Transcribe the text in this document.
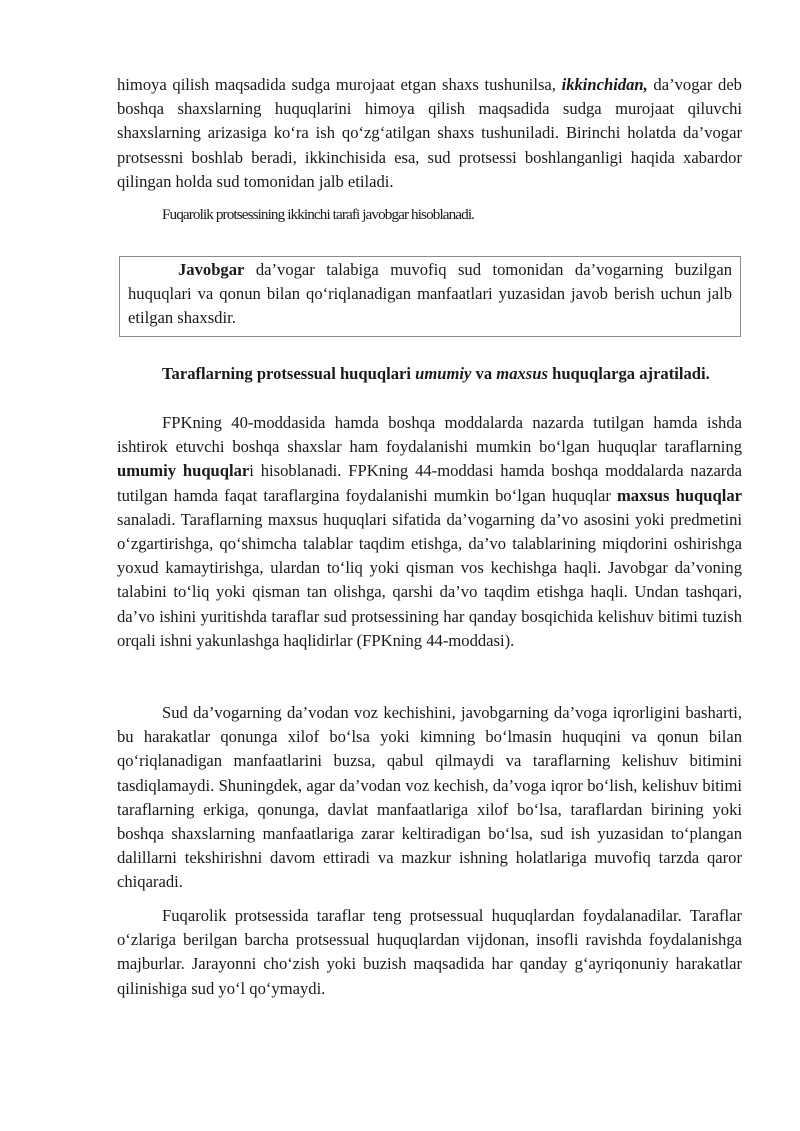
himoya qilish maqsadida sudga murojaat etgan shaxs tushunilsa, ikkinchidan, da’vogar deb boshqa shaxslarning huquqlarini himoya qilish maqsadida sudga murojaat qiluvchi shaxslarning arizasiga ko‘ra ish qo‘zg‘atilgan shaxs tushuniladi. Birinchi holatda da’vogar protsessni boshlab beradi, ikkinchisida esa, sud protsessi boshlanganligi haqida xabardor qilingan holda sud tomonidan jalb etiladi.

Fuqarolik protsessining ikkinchi tarafi javobgar hisoblanadi.

Javobgar da’vogar talabiga muvofiq sud tomonidan da’vogarning buzilgan huquqlari va qonun bilan qo‘riqlanadigan manfaatlari yuzasidan javob berish uchun jalb etilgan shaxsdir.

Taraflarning protsessual huquqlari umumiy va maxsus huquqlarga ajratiladi.

FPKning 40-moddasida hamda boshqa moddalarda nazarda tutilgan hamda ishda ishtirok etuvchi boshqa shaxslar ham foydalanishi mumkin bo‘lgan huquqlar taraflarning umumiy huquqlari hisoblanadi. FPKning 44-moddasi hamda boshqa moddalarda nazarda tutilgan hamda faqat taraflargina foydalanishi mumkin bo‘lgan huquqlar maxsus huquqlar sanaladi. Taraflarning maxsus huquqlari sifatida da’vogarning da’vo asosini yoki predmetini o‘zgartirishga, qo‘shimcha talablar taqdim etishga, da’vo talablarining miqdorini oshirishga yoxud kamaytirishga, ulardan to‘liq yoki qisman vos kechishga haqli. Javobgar da’voning talabini to‘liq yoki qisman tan olishga, qarshi da’vo taqdim etishga haqli. Undan tashqari, da’vo ishini yuritishda taraflar sud protsessining har qanday bosqichida kelishuv bitimi tuzish orqali ishni yakunlashga haqlidirlar (FPKning 44-moddasi).

Sud da’vogarning da’vodan voz kechishini, javobgarning da’voga iqrorligini basharti, bu harakatlar qonunga xilof bo‘lsa yoki kimning bo‘lmasin huquqini va qonun bilan qo‘riqlanadigan manfaatlarini buzsa, qabul qilmaydi va taraflarning kelishuv bitimini tasdiqlamaydi. Shuningdek, agar da’vodan voz kechish, da’voga iqror bo‘lish, kelishuv bitimi taraflarning erkiga, qonunga, davlat manfaatlariga xilof bo‘lsa, taraflardan birining yoki boshqa shaxslarning manfaatlariga zarar keltiradigan bo‘lsa, sud ish yuzasidan to‘plangan dalillarni tekshirishni davom ettiradi va mazkur ishning holatlariga muvofiq tarzda qaror chiqaradi.

Fuqarolik protsessida taraflar teng protsessual huquqlardan foydalanadilar. Taraflar o‘zlariga berilgan barcha protsessual huquqlardan vijdonan, insofli ravishda foydalanishga majburlar. Jarayonni cho‘zish yoki buzish maqsadida har qanday g‘ayriqonuniy harakatlar qilinishiga sud yo‘l qo‘ymaydi.
